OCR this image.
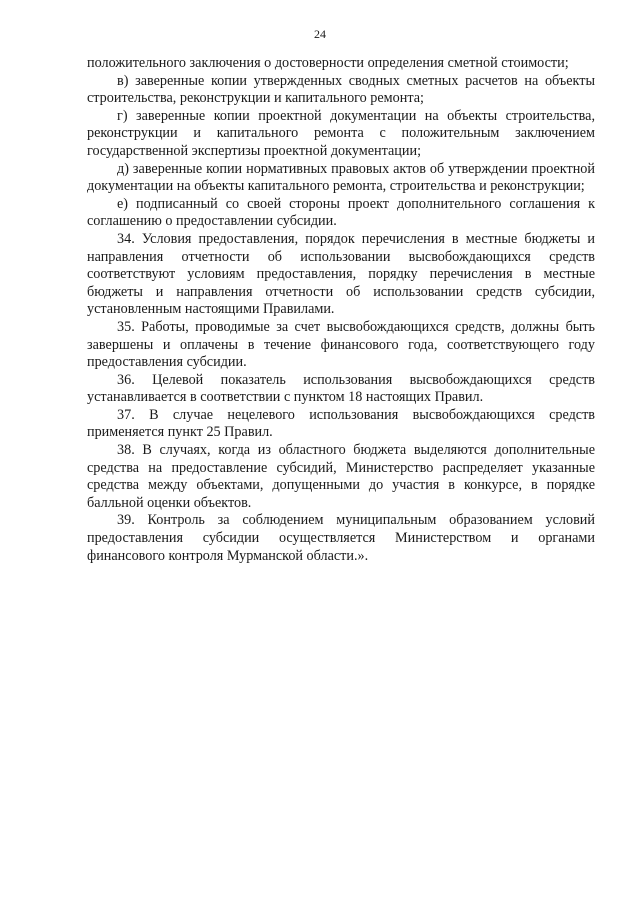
24

положительного заключения о достоверности определения сметной стоимости;

в) заверенные копии утвержденных сводных сметных расчетов на объекты строительства, реконструкции и капитального ремонта;

г) заверенные копии проектной документации на объекты строительства, реконструкции и капитального ремонта с положительным заключением государственной экспертизы проектной документации;

д) заверенные копии нормативных правовых актов об утверждении проектной документации на объекты капитального ремонта, строительства и реконструкции;

е) подписанный со своей стороны проект дополнительного соглашения к соглашению о предоставлении субсидии.

34. Условия предоставления, порядок перечисления в местные бюджеты и направления отчетности об использовании высвобождающихся средств соответствуют условиям предоставления, порядку перечисления в местные бюджеты и направления отчетности об использовании средств субсидии, установленным настоящими Правилами.

35. Работы, проводимые за счет высвобождающихся средств, должны быть завершены и оплачены в течение финансового года, соответствующего году предоставления субсидии.

36. Целевой показатель использования высвобождающихся средств устанавливается в соответствии с пунктом 18 настоящих Правил.

37. В случае нецелевого использования высвобождающихся средств применяется пункт 25 Правил.

38. В случаях, когда из областного бюджета выделяются дополнительные средства на предоставление субсидий, Министерство распределяет указанные средства между объектами, допущенными до участия в конкурсе, в порядке балльной оценки объектов.

39. Контроль за соблюдением муниципальным образованием условий предоставления субсидии осуществляется Министерством и органами финансового контроля Мурманской области.».
